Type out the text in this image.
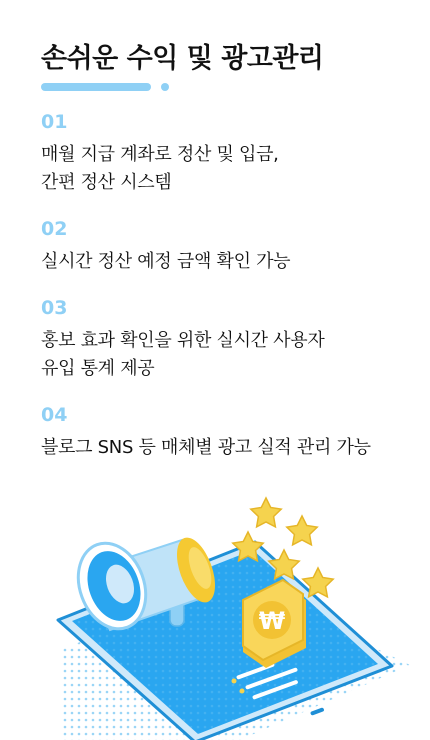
손쉬운 수익 및 광고관리
01
매월 지급 계좌로 정산 및 입금,
간편 정산 시스템
02
실시간 정산 예정 금액 확인 가능
03
홍보 효과 확인을 위한 실시간 사용자
유입 통계 제공
04
블로그 SNS 등 매체별 광고 실적 관리 가능
₩
